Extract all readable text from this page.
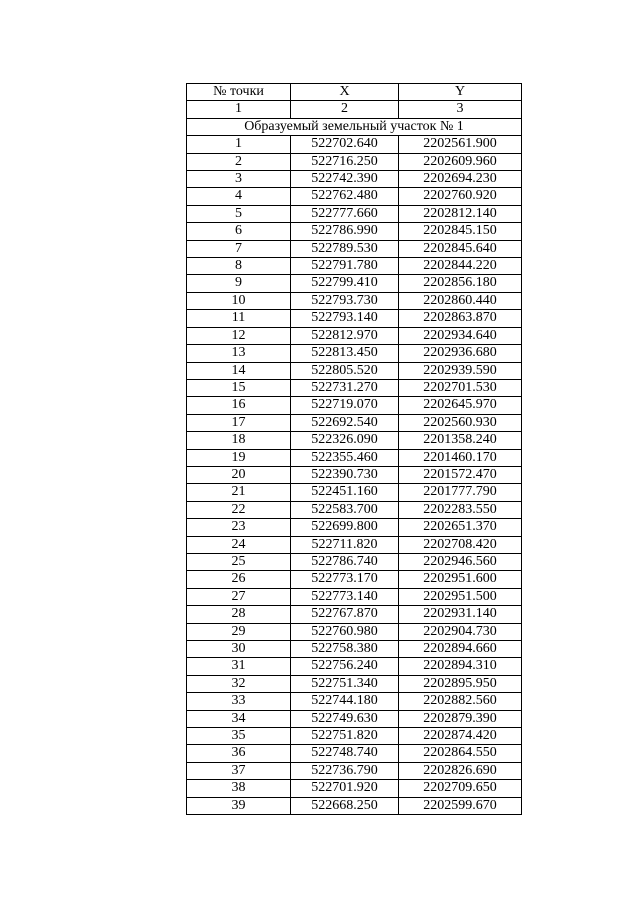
№ точки	X	Y
1	2	3
Образуемый земельный участок № 1		
1	522702.640	2202561.900
2	522716.250	2202609.960
3	522742.390	2202694.230
4	522762.480	2202760.920
5	522777.660	2202812.140
6	522786.990	2202845.150
7	522789.530	2202845.640
8	522791.780	2202844.220
9	522799.410	2202856.180
10	522793.730	2202860.440
11	522793.140	2202863.870
12	522812.970	2202934.640
13	522813.450	2202936.680
14	522805.520	2202939.590
15	522731.270	2202701.530
16	522719.070	2202645.970
17	522692.540	2202560.930
18	522326.090	2201358.240
19	522355.460	2201460.170
20	522390.730	2201572.470
21	522451.160	2201777.790
22	522583.700	2202283.550
23	522699.800	2202651.370
24	522711.820	2202708.420
25	522786.740	2202946.560
26	522773.170	2202951.600
27	522773.140	2202951.500
28	522767.870	2202931.140
29	522760.980	2202904.730
30	522758.380	2202894.660
31	522756.240	2202894.310
32	522751.340	2202895.950
33	522744.180	2202882.560
34	522749.630	2202879.390
35	522751.820	2202874.420
36	522748.740	2202864.550
37	522736.790	2202826.690
38	522701.920	2202709.650
39	522668.250	2202599.670
